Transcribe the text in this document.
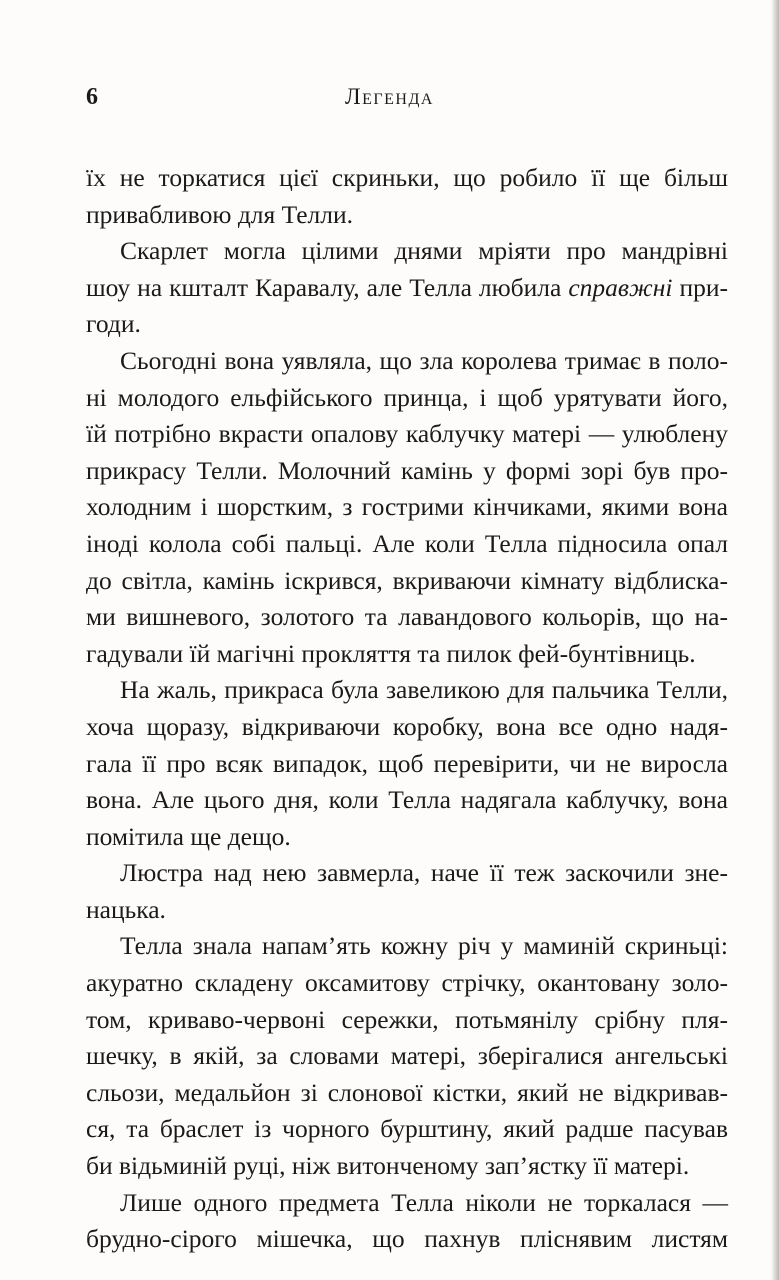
6	Легенда
їх не торкатися цієї скриньки, що робило її ще більш
привабливою для Телли.
Скарлет могла цілими днями мріяти про мандрівні
шоу на кшталт Каравалу, але Телла любила справжні при-
годи.
Сьогодні вона уявляла, що зла королева тримає в поло-
ні молодого ельфійського принца, і щоб урятувати його,
їй потрібно вкрасти опалову каблучку матері — улюблену
прикрасу Телли. Молочний камінь у формі зорі був про-
холодним і шорстким, з гострими кінчиками, якими вона
іноді колола собі пальці. Але коли Телла підносила опал
до світла, камінь іскрився, вкриваючи кімнату відблиска-
ми вишневого, золотого та лавандового кольорів, що на-
гадували їй магічні прокляття та пилок фей-бунтівниць.
На жаль, прикраса була завеликою для пальчика Телли,
хоча щоразу, відкриваючи коробку, вона все одно надя-
гала її про всяк випадок, щоб перевірити, чи не виросла
вона. Але цього дня, коли Телла надягала каблучку, вона
помітила ще дещо.
Люстра над нею завмерла, наче її теж заскочили зне-
нацька.
Телла знала напам’ять кожну річ у маминій скриньці:
акуратно складену оксамитову стрічку, окантовану золо-
том, криваво-червоні сережки, потьмянілу срібну пля-
шечку, в якій, за словами матері, зберігалися ангельські
сльози, медальйон зі слонової кістки, який не відкривав-
ся, та браслет із чорного бурштину, який радше пасував
би відьминій руці, ніж витонченому зап’ястку її матері.
Лише одного предмета Телла ніколи не торкалася —
брудно-сірого мішечка, що пахнув пліснявим листям
